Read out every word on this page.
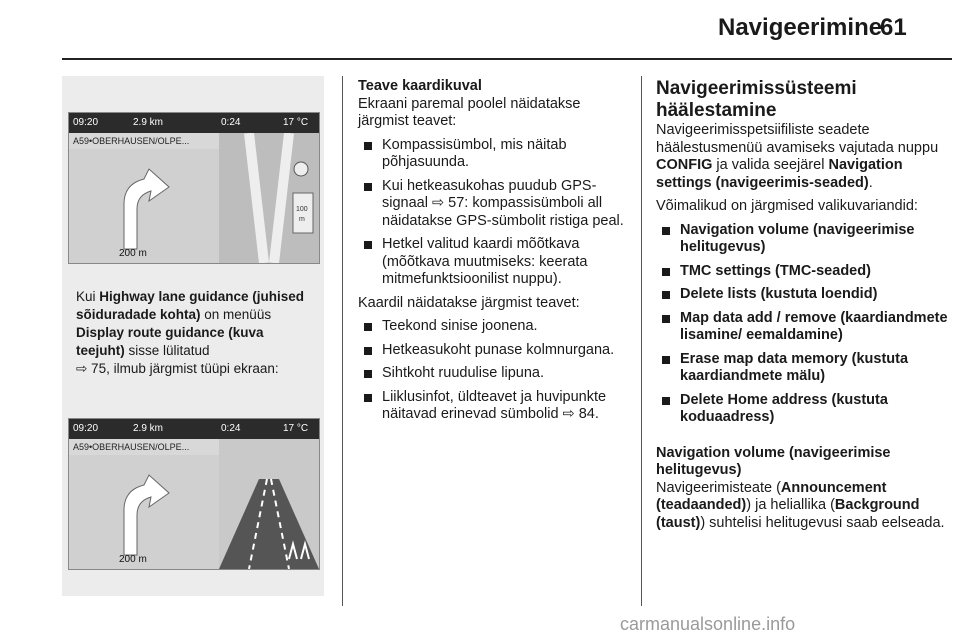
Navigeerimine
61
09:20	2.9 km	0:24	17 °C
A59•OBERHAUSEN/OLPE...
200 m
100
m
Kui Highway lane guidance (juhised sõiduradade kohta) on menüüs Display route guidance (kuva teejuht) sisse lülitatud
⇨ 75, ilmub järgmist tüüpi ekraan:
09:20	2.9 km	0:24	17 °C
A59•OBERHAUSEN/OLPE...
200 m
Teave kaardikuval
Ekraani paremal poolel näidatakse järgmist teavet:
Kompassisümbol, mis näitab põhjasuunda.
Kui hetkeasukohas puudub GPS-signaal ⇨ 57: kompassisümboli all näidatakse GPS-sümbolit ristiga peal.
Hetkel valitud kaardi mõõtkava (mõõtkava muutmiseks: keerata mitmefunktsioonilist nuppu).
Kaardil näidatakse järgmist teavet:
Teekond sinise joonena.
Hetkeasukoht punase kolmnurgana.
Sihtkoht ruudulise lipuna.
Liiklusinfot, üldteavet ja huvipunkte näitavad erinevad sümbolid ⇨ 84.
Navigeerimissüsteemi häälestamine
Navigeerimisspetsiifiliste seadete häälestusmenüü avamiseks vajutada nuppu CONFIG ja valida seejärel Navigation settings (navigeerimis-seaded).
Võimalikud on järgmised valikuvariandid:
Navigation volume (navigeerimise helitugevus)
TMC settings (TMC-seaded)
Delete lists (kustuta loendid)
Map data add / remove (kaardiandmete lisamine/ eemaldamine)
Erase map data memory (kustuta kaardiandmete mälu)
Delete Home address (kustuta koduaadress)
Navigation volume (navigeerimise helitugevus)
Navigeerimisteate (Announcement (teadaanded)) ja heliallika (Background (taust)) suhtelisi helitugevusi saab eelseada.
carmanualsonline.info
